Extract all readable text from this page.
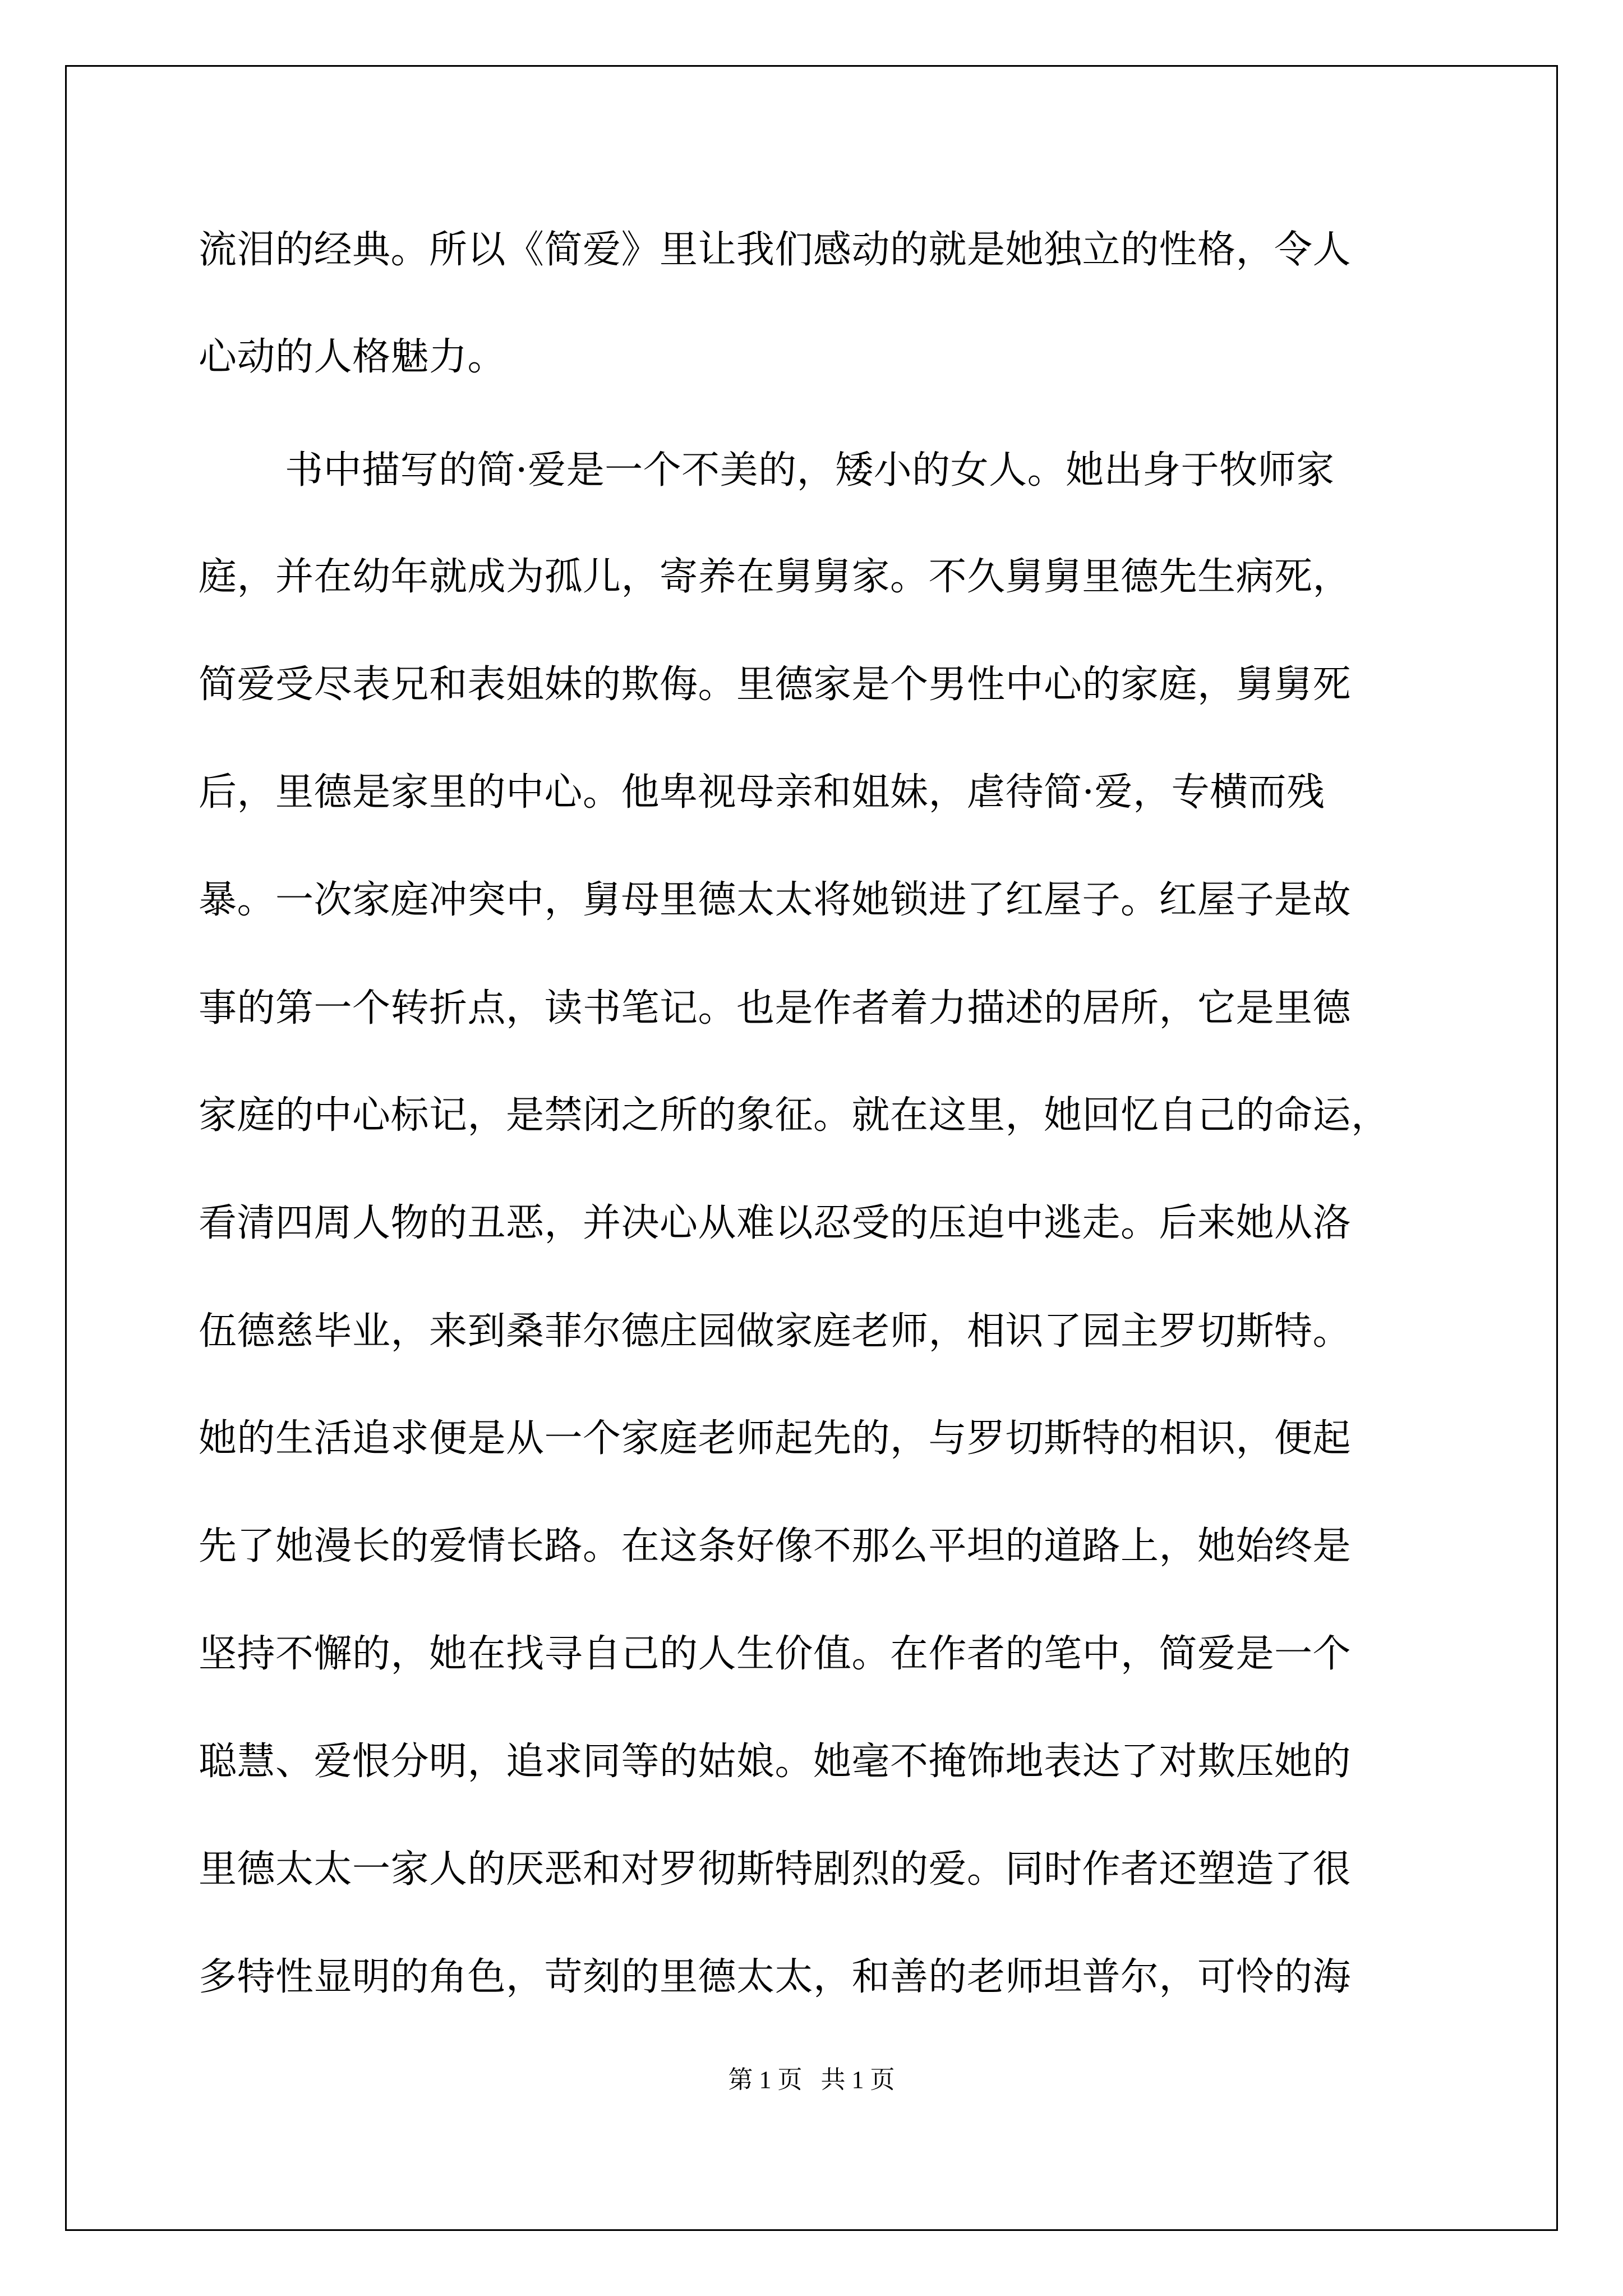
流泪的经典。所以《简爱》里让我们感动的就是她独立的性格，令人
心动的人格魅力。
书中描写的简·爱是一个不美的，矮小的女人。她出身于牧师家
庭，并在幼年就成为孤儿，寄养在舅舅家。不久舅舅里德先生病死，
简爱受尽表兄和表姐妹的欺侮。里德家是个男性中心的家庭，舅舅死
后，里德是家里的中心。他卑视母亲和姐妹，虐待简·爱，专横而残
暴。一次家庭冲突中，舅母里德太太将她锁进了红屋子。红屋子是故
事的第一个转折点，读书笔记。也是作者着力描述的居所，它是里德
家庭的中心标记，是禁闭之所的象征。就在这里，她回忆自己的命运，
看清四周人物的丑恶，并决心从难以忍受的压迫中逃走。后来她从洛
伍德慈毕业，来到桑菲尔德庄园做家庭老师，相识了园主罗切斯特。
她的生活追求便是从一个家庭老师起先的，与罗切斯特的相识，便起
先了她漫长的爱情长路。在这条好像不那么平坦的道路上，她始终是
坚持不懈的，她在找寻自己的人生价值。在作者的笔中，简爱是一个
聪慧、爱恨分明，追求同等的姑娘。她毫不掩饰地表达了对欺压她的
里德太太一家人的厌恶和对罗彻斯特剧烈的爱。同时作者还塑造了很
多特性显明的角色，苛刻的里德太太，和善的老师坦普尔，可怜的海
第 1 页   共 1 页
